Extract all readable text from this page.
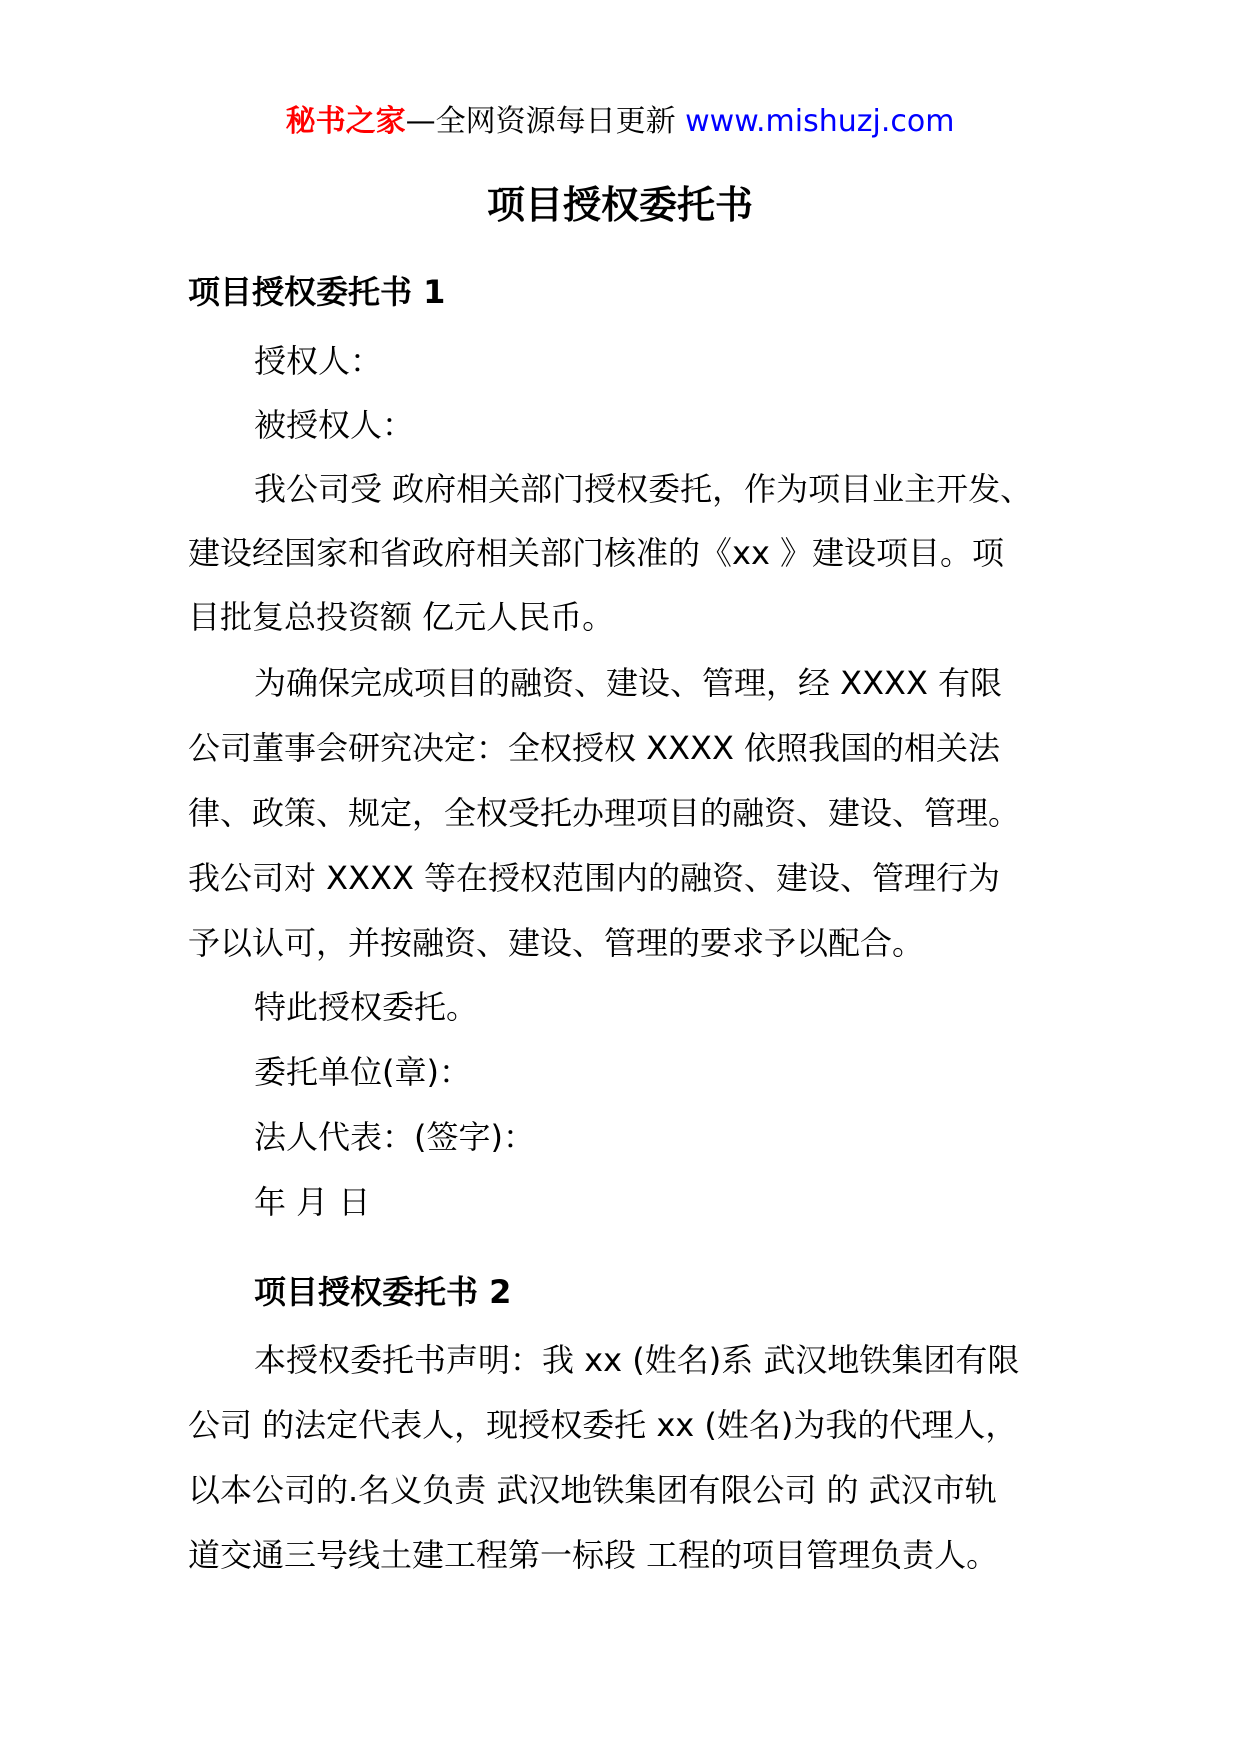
秘书之家—全网资源每日更新 www.mishuzj.com
项目授权委托书
项目授权委托书 1
授权人：
被授权人：
我公司受 政府相关部门授权委托，作为项目业主开发、
建设经国家和省政府相关部门核准的《xx 》建设项目。项
目批复总投资额 亿元人民币。
为确保完成项目的融资、建设、管理，经 XXXX 有限
公司董事会研究决定：全权授权 XXXX 依照我国的相关法
律、政策、规定，全权受托办理项目的融资、建设、管理。
我公司对 XXXX 等在授权范围内的融资、建设、管理行为
予以认可，并按融资、建设、管理的要求予以配合。
特此授权委托。
委托单位(章)：
法人代表：(签字)：
年 月 日
项目授权委托书 2
本授权委托书声明：我 xx (姓名)系 武汉地铁集团有限
公司 的法定代表人，现授权委托 xx (姓名)为我的代理人，
以本公司的.名义负责 武汉地铁集团有限公司 的 武汉市轨
道交通三号线土建工程第一标段 工程的项目管理负责人。
